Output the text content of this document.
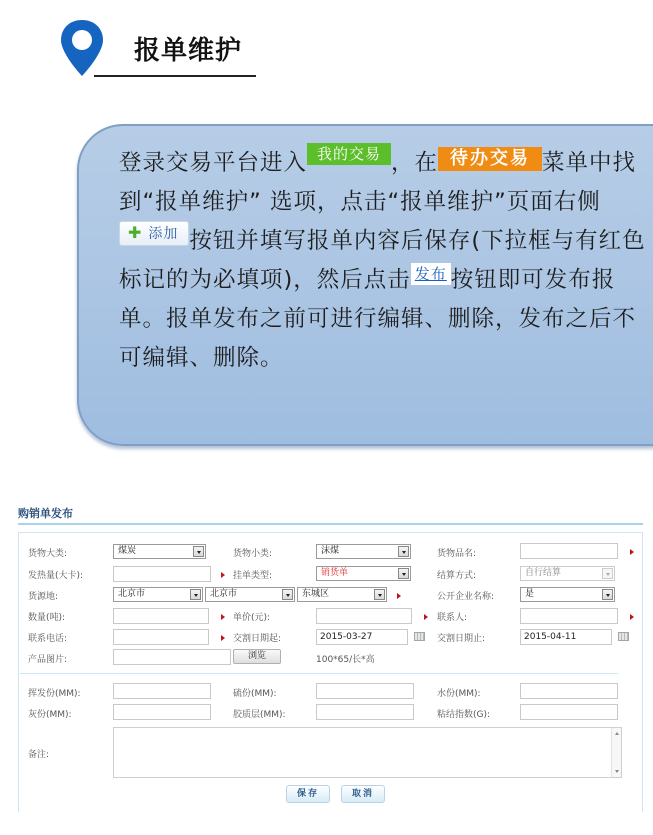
报单维护
登录交易平台进入 我的交易 ，在 待办交易 菜单中找到“报单维护” 选项，点击“报单维护”页面右侧✚ 添加 按钮并填写报单内容后保存(下拉框与有红色标记的为必填项)，然后点击 发布 按钮即可发布报单。报单发布之前可进行编辑、删除，发布之后不可编辑、删除。
购销单发布
货物大类:	煤炭	货物小类:	沫煤	货物品名:
发热量(大卡):	挂单类型:	销货单	结算方式:	自行结算
货源地:	北京市	北京市	东城区	公开企业名称:	是
数量(吨):	单价(元):	联系人:
联系电话:	交割日期起:	2015-03-27	交割日期止:	2015-04-11
产品图片:	浏览	100*65/长*高
挥发份(MM):	硫份(MM):	水份(MM):
灰份(MM):	胶质层(MM):	粘结指数(G):
备注:
保存	取消
